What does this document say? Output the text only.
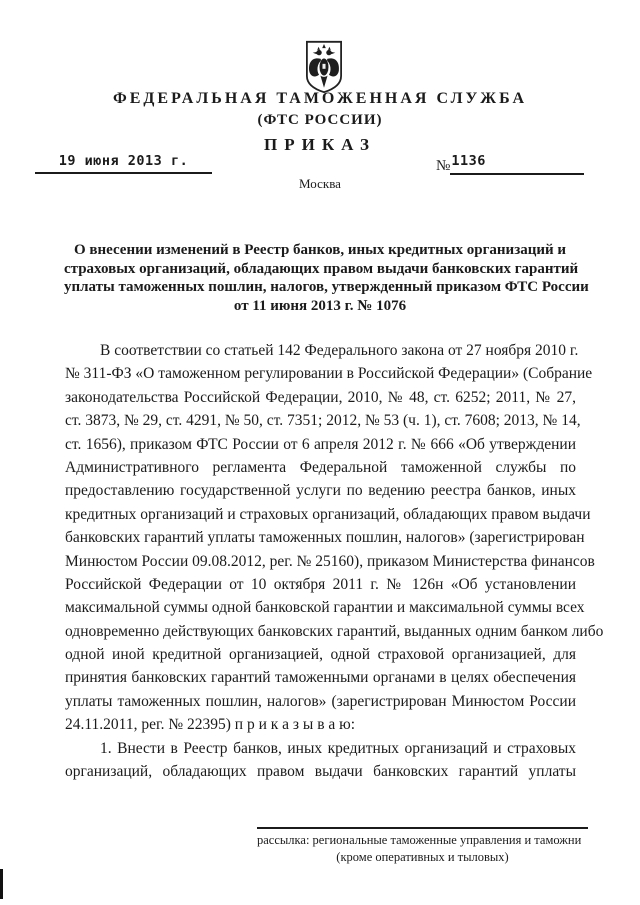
ФЕДЕРАЛЬНАЯ ТАМОЖЕННАЯ СЛУЖБА
(ФТС РОССИИ)
ПРИКАЗ
19 июня 2013 г.	№ 1136
Москва
О внесении изменений в Реестр банков, иных кредитных организаций и
страховых организаций, обладающих правом выдачи банковских гарантий
уплаты таможенных пошлин, налогов, утвержденный приказом ФТС России
от 11 июня 2013 г. № 1076
В соответствии со статьей 142 Федерального закона от 27 ноября 2010 г.
№ 311-ФЗ «О таможенном регулировании в Российской Федерации» (Собрание
законодательства Российской Федерации, 2010, № 48, ст. 6252; 2011, № 27,
ст. 3873, № 29, ст. 4291, № 50, ст. 7351; 2012, № 53 (ч. 1), ст. 7608; 2013, № 14,
ст. 1656), приказом ФТС России от 6 апреля 2012 г. № 666 «Об утверждении
Административного регламента Федеральной таможенной службы по
предоставлению государственной услуги по ведению реестра банков, иных
кредитных организаций и страховых организаций, обладающих правом выдачи
банковских гарантий уплаты таможенных пошлин, налогов» (зарегистрирован
Минюстом России 09.08.2012, рег. № 25160), приказом Министерства финансов
Российской Федерации от 10 октября 2011 г. № 126н «Об установлении
максимальной суммы одной банковской гарантии и максимальной суммы всех
одновременно действующих банковских гарантий, выданных одним банком либо
одной иной кредитной организацией, одной страховой организацией, для
принятия банковских гарантий таможенными органами в целях обеспечения
уплаты таможенных пошлин, налогов» (зарегистрирован Минюстом России
24.11.2011, рег. № 22395) п р и к а з ы в а ю:
1. Внести в Реестр банков, иных кредитных организаций и страховых
организаций, обладающих правом выдачи банковских гарантий уплаты
рассылка: региональные таможенные управления и таможни
(кроме оперативных и тыловых)
